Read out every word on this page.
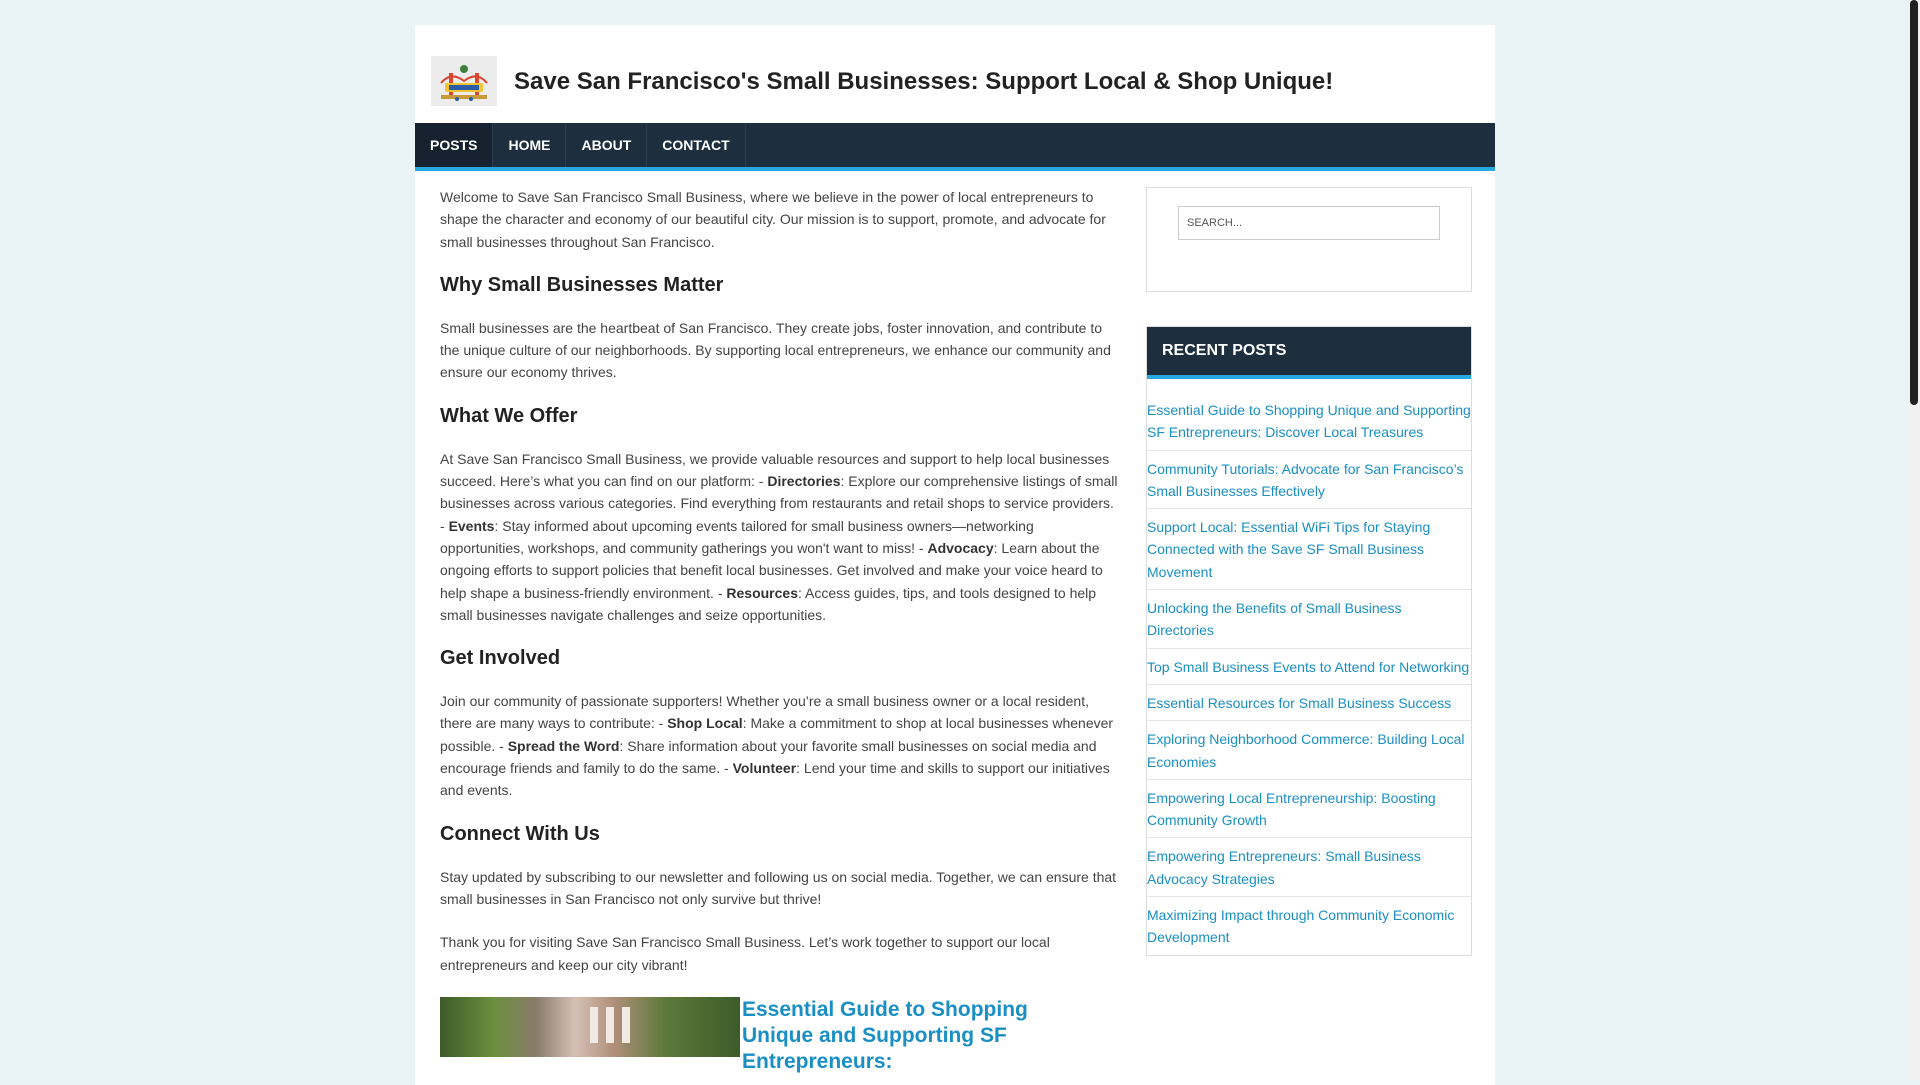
Save San Francisco's Small Businesses: Support Local & Shop Unique!
POSTS	HOME	ABOUT	CONTACT

Welcome to Save San Francisco Small Business, where we believe in the power of local entrepreneurs to shape the character and economy of our beautiful city. Our mission is to support, promote, and advocate for small businesses throughout San Francisco.

Why Small Businesses Matter

Small businesses are the heartbeat of San Francisco. They create jobs, foster innovation, and contribute to the unique culture of our neighborhoods. By supporting local entrepreneurs, we enhance our community and ensure our economy thrives.

What We Offer

At Save San Francisco Small Business, we provide valuable resources and support to help local businesses succeed. Here’s what you can find on our platform: - Directories: Explore our comprehensive listings of small businesses across various categories. Find everything from restaurants and retail shops to service providers. - Events: Stay informed about upcoming events tailored for small business owners—networking opportunities, workshops, and community gatherings you won't want to miss! - Advocacy: Learn about the ongoing efforts to support policies that benefit local businesses. Get involved and make your voice heard to help shape a business-friendly environment. - Resources: Access guides, tips, and tools designed to help small businesses navigate challenges and seize opportunities.

Get Involved

Join our community of passionate supporters! Whether you’re a small business owner or a local resident, there are many ways to contribute: - Shop Local: Make a commitment to shop at local businesses whenever possible. - Spread the Word: Share information about your favorite small businesses on social media and encourage friends and family to do the same. - Volunteer: Lend your time and skills to support our initiatives and events.

Connect With Us

Stay updated by subscribing to our newsletter and following us on social media. Together, we can ensure that small businesses in San Francisco not only survive but thrive!

Thank you for visiting Save San Francisco Small Business. Let’s work together to support our local entrepreneurs and keep our city vibrant!

Essential Guide to Shopping Unique and Supporting SF Entrepreneurs:
Search...
RECENT POSTS
Essential Guide to Shopping Unique and Supporting SF Entrepreneurs: Discover Local Treasures
Community Tutorials: Advocate for San Francisco’s Small Businesses Effectively
Support Local: Essential WiFi Tips for Staying Connected with the Save SF Small Business Movement
Unlocking the Benefits of Small Business Directories
Top Small Business Events to Attend for Networking
Essential Resources for Small Business Success
Exploring Neighborhood Commerce: Building Local Economies
Empowering Local Entrepreneurship: Boosting Community Growth
Empowering Entrepreneurs: Small Business Advocacy Strategies
Maximizing Impact through Community Economic Development
